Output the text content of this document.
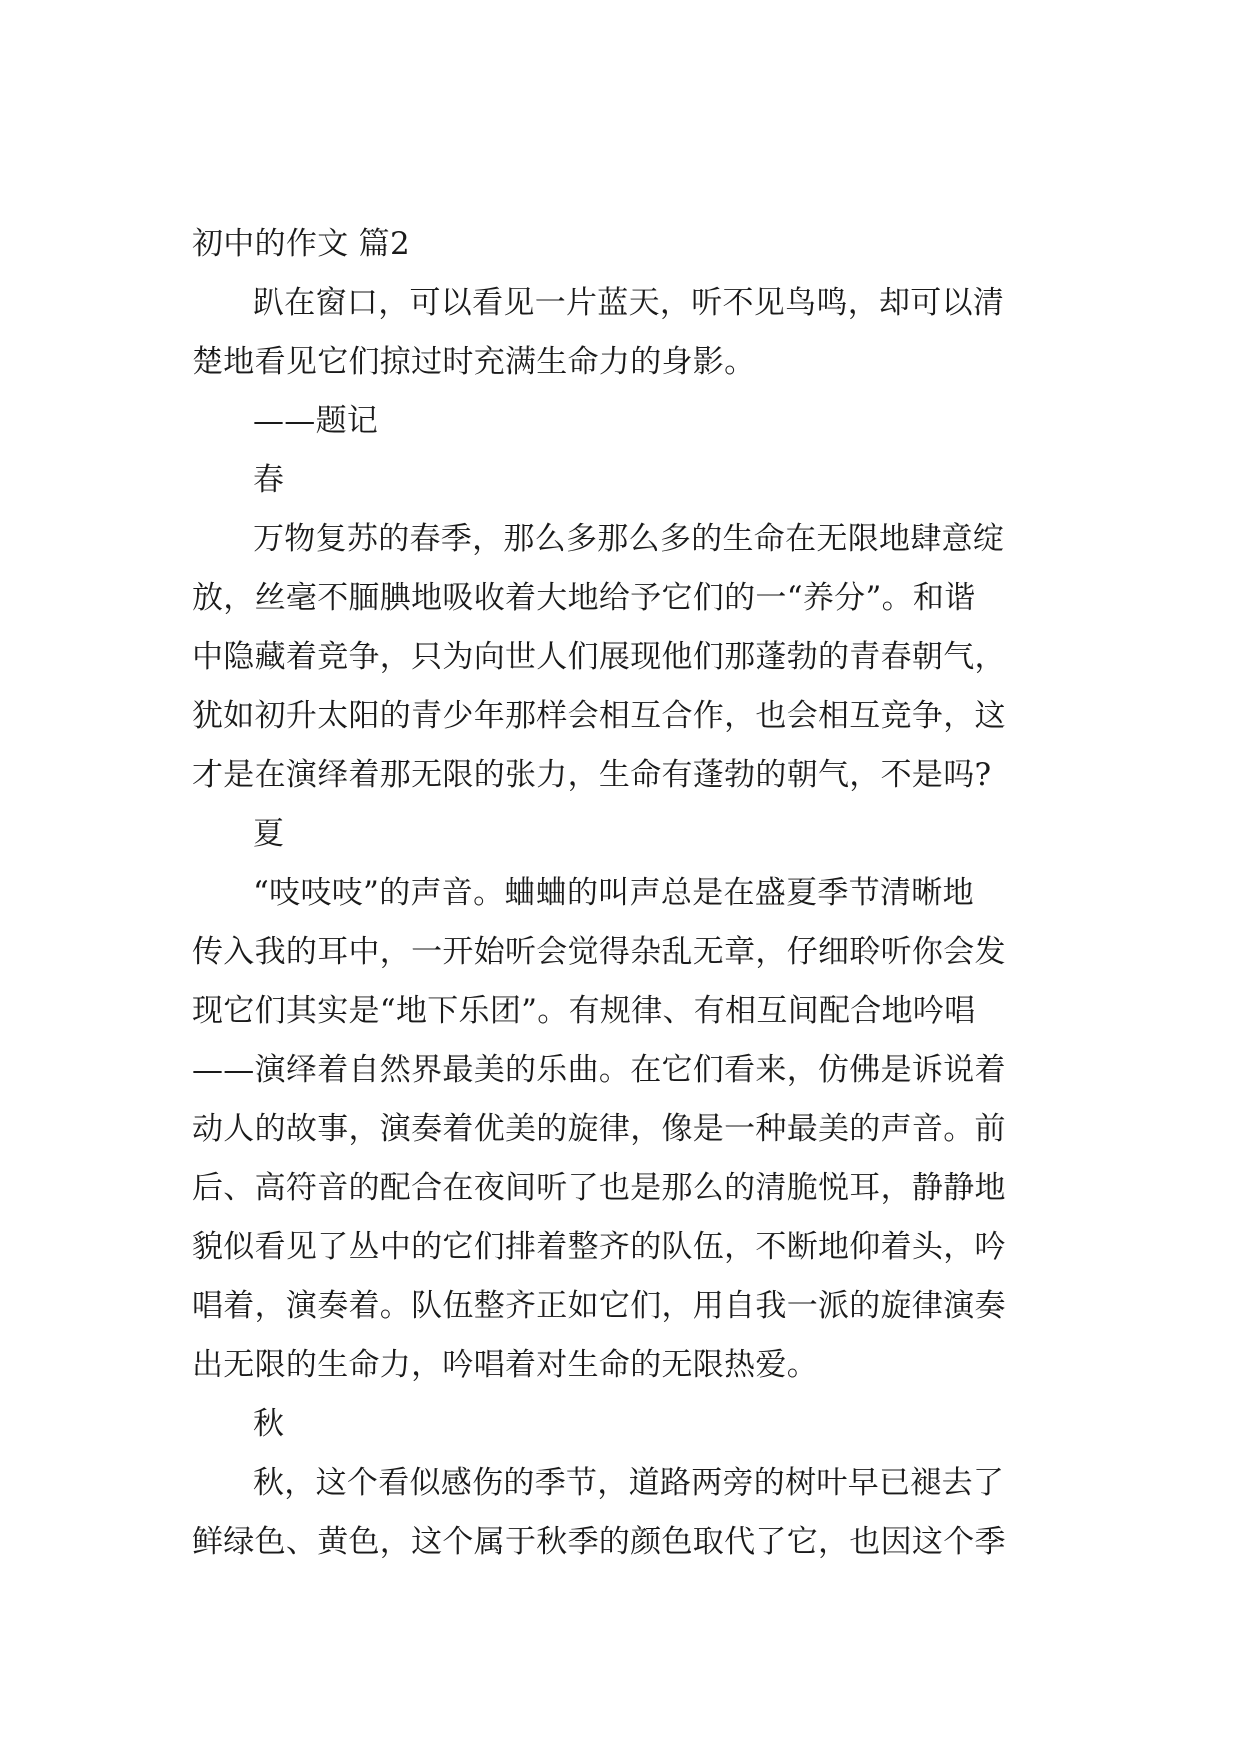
初中的作文 篇2
趴在窗口，可以看见一片蓝天，听不见鸟鸣，却可以清
楚地看见它们掠过时充满生命力的身影。
——题记
春
万物复苏的春季，那么多那么多的生命在无限地肆意绽
放，丝毫不腼腆地吸收着大地给予它们的一“养分”。和谐
中隐藏着竞争，只为向世人们展现他们那蓬勃的青春朝气，
犹如初升太阳的青少年那样会相互合作，也会相互竞争，这
才是在演绎着那无限的张力，生命有蓬勃的朝气，不是吗?
夏
“吱吱吱”的声音。蛐蛐的叫声总是在盛夏季节清晰地
传入我的耳中，一开始听会觉得杂乱无章，仔细聆听你会发
现它们其实是“地下乐团”。有规律、有相互间配合地吟唱
——演绎着自然界最美的乐曲。在它们看来，仿佛是诉说着
动人的故事，演奏着优美的旋律，像是一种最美的声音。前
后、高符音的配合在夜间听了也是那么的清脆悦耳，静静地
貌似看见了丛中的它们排着整齐的队伍，不断地仰着头，吟
唱着，演奏着。队伍整齐正如它们，用自我一派的旋律演奏
出无限的生命力，吟唱着对生命的无限热爱。
秋
秋，这个看似感伤的季节，道路两旁的树叶早已褪去了
鲜绿色、黄色，这个属于秋季的颜色取代了它，也因这个季
